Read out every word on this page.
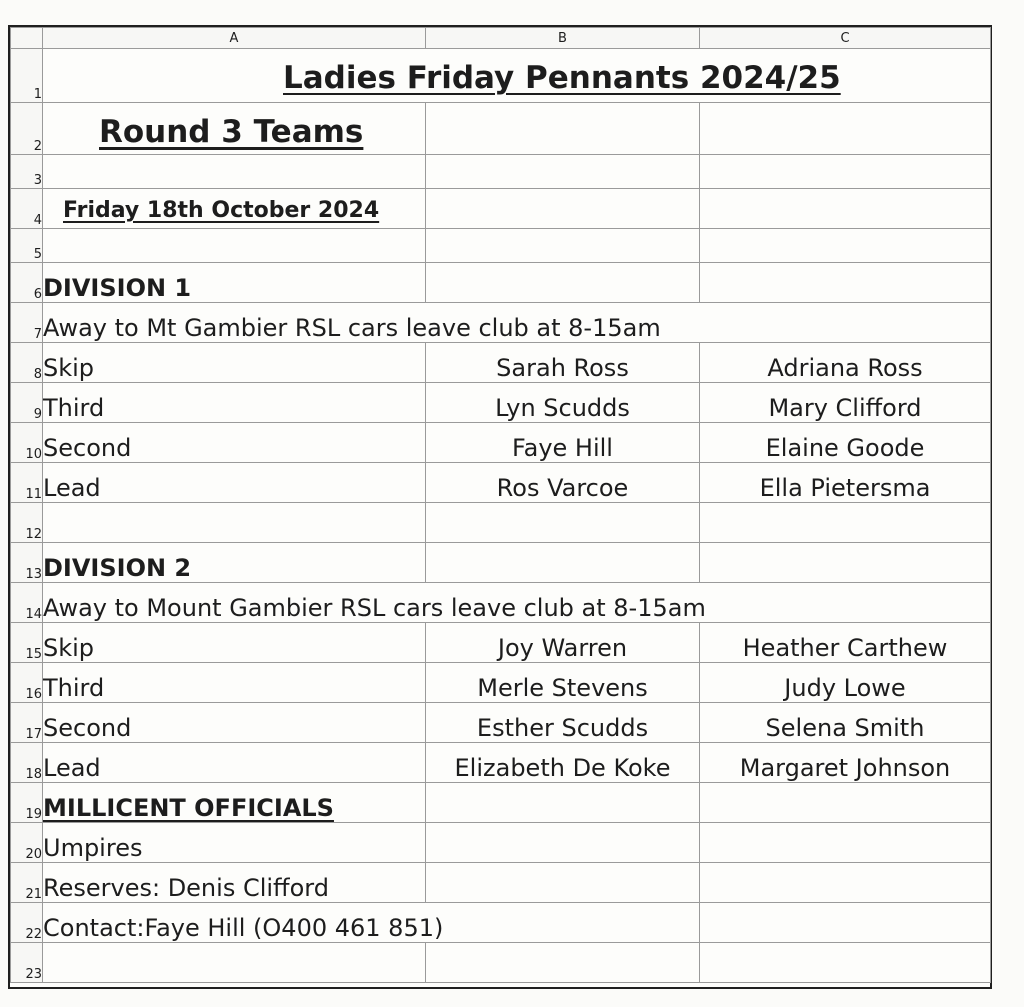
	A	B	C
1	Ladies Friday Pennants 2024/25		

2	Round 3 Teams		

3			
4	Friday 18th October 2024		

5			
6	DIVISION 1		
7	Away to Mt Gambier RSL cars leave club at 8-15am		
8	Skip	Sarah Ross	Adriana Ross
9	Third	Lyn Scudds	Mary Clifford
10	Second	Faye Hill	Elaine Goode
11	Lead	Ros Varcoe	Ella Pietersma
12			
13	DIVISION 2		
14	Away to Mount Gambier RSL cars leave club at 8-15am		
15	Skip	Joy Warren	Heather Carthew
16	Third	Merle Stevens	Judy Lowe
17	Second	Esther Scudds	Selena Smith
18	Lead	Elizabeth De Koke	Margaret Johnson
19	MILLICENT OFFICIALS		
20	Umpires		
21	Reserves: Denis Clifford		
22	Contact:Faye Hill (O400 461 851)		
23			
